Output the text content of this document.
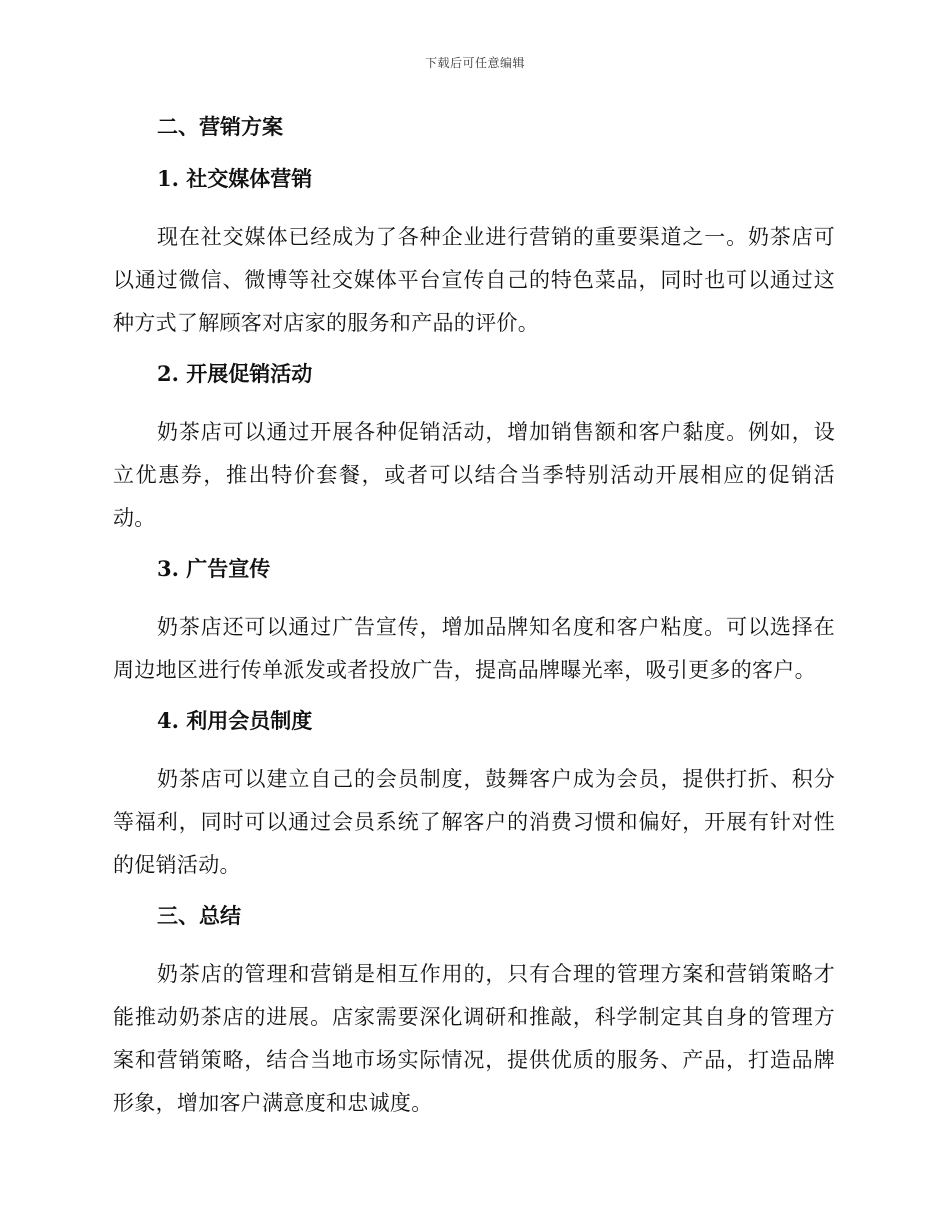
下载后可任意编辑
二、营销方案
1. 社交媒体营销

现在社交媒体已经成为了各种企业进行营销的重要渠道之一。奶茶店可以通过微信、微博等社交媒体平台宣传自己的特色菜品，同时也可以通过这种方式了解顾客对店家的服务和产品的评价。

2. 开展促销活动

奶茶店可以通过开展各种促销活动，增加销售额和客户黏度。例如，设立优惠券，推出特价套餐，或者可以结合当季特别活动开展相应的促销活动。

3. 广告宣传

奶茶店还可以通过广告宣传，增加品牌知名度和客户粘度。可以选择在周边地区进行传单派发或者投放广告，提高品牌曝光率，吸引更多的客户。

4. 利用会员制度

奶茶店可以建立自己的会员制度，鼓舞客户成为会员，提供打折、积分等福利，同时可以通过会员系统了解客户的消费习惯和偏好，开展有针对性的促销活动。

三、总结

奶茶店的管理和营销是相互作用的，只有合理的管理方案和营销策略才能推动奶茶店的进展。店家需要深化调研和推敲，科学制定其自身的管理方案和营销策略，结合当地市场实际情况，提供优质的服务、产品，打造品牌形象，增加客户满意度和忠诚度。
